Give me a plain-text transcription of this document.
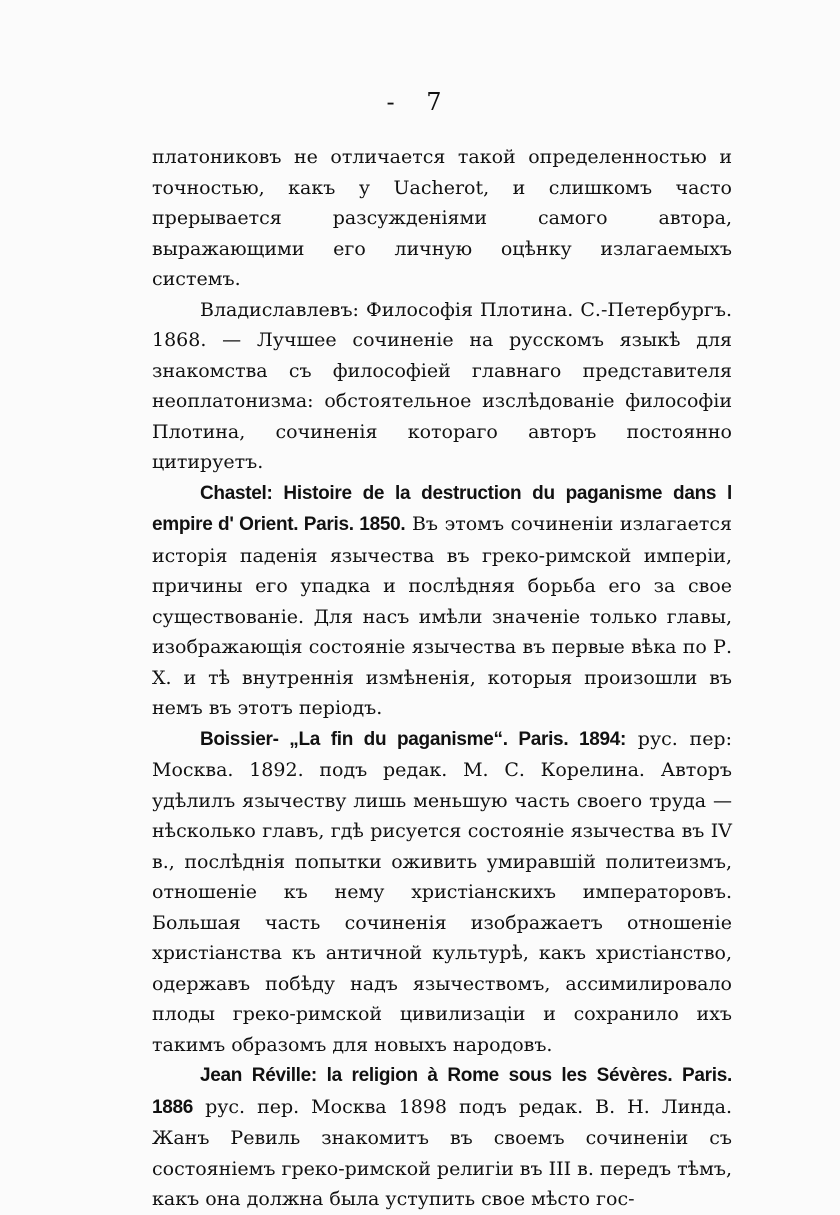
- 7

платониковъ не отличается такой определенностью и точностью, какъ у Uacherot, и слишкомъ часто прерывается разсужденiями самого автора, выражающими его личную оцѣнку излагаемыхъ системъ.

Владиславлевъ: Философія Плотина. С.-Петербургъ. 1868. — Лучшее сочиненiе на русскомъ языкѣ для знакомства съ философiей главнаго представителя неоплатонизма: обстоятельное изслѣдованiе философiи Плотина, сочиненiя котораго авторъ постоянно цитируетъ.

Chastel: Histoire de la destruction du paganisme dans l empire d' Orient. Paris. 1850. Въ этомъ сочиненiи излагается исторiя паденiя язычества въ греко-римской имперiи, причины его упадка и послѣдняя борьба его за свое существованiе. Для насъ имѣли значенiе только главы, изображающiя состоянiе язычества въ первые вѣка по Р. Х. и тѣ внутреннiя измѣненiя, которыя произошли въ немъ въ этотъ перiодъ.

Boissier- „La fin du paganisme“. Paris. 1894: рус. пер: Москва. 1892. подъ редак. М. С. Корелина. Авторъ удѣлилъ язычеству лишь меньшую часть своего труда — нѣсколько главъ, гдѣ рисуется состоянiе язычества въ IV в., послѣднiя попытки оживить умиравшiй политеизмъ, отношенiе къ нему христiанскихъ императоровъ. Большая часть сочиненiя изображаетъ отношенiе христiанства къ античной культурѣ, какъ христiанство, одержавъ побѣду надъ язычествомъ, ассимилировало плоды греко-римской цивилизацiи и сохранило ихъ такимъ образомъ для новыхъ народовъ.

Jean Réville: la religion à Rome sous les Sévères. Paris. 1886 рус. пер. Москва 1898 подъ редак. В. Н. Линда. Жанъ Ревиль знакомитъ въ своемъ сочиненiи съ состоянiемъ греко-римской религiи въ III в. передъ тѣмъ, какъ она должна была уступить свое мѣсто гос-
